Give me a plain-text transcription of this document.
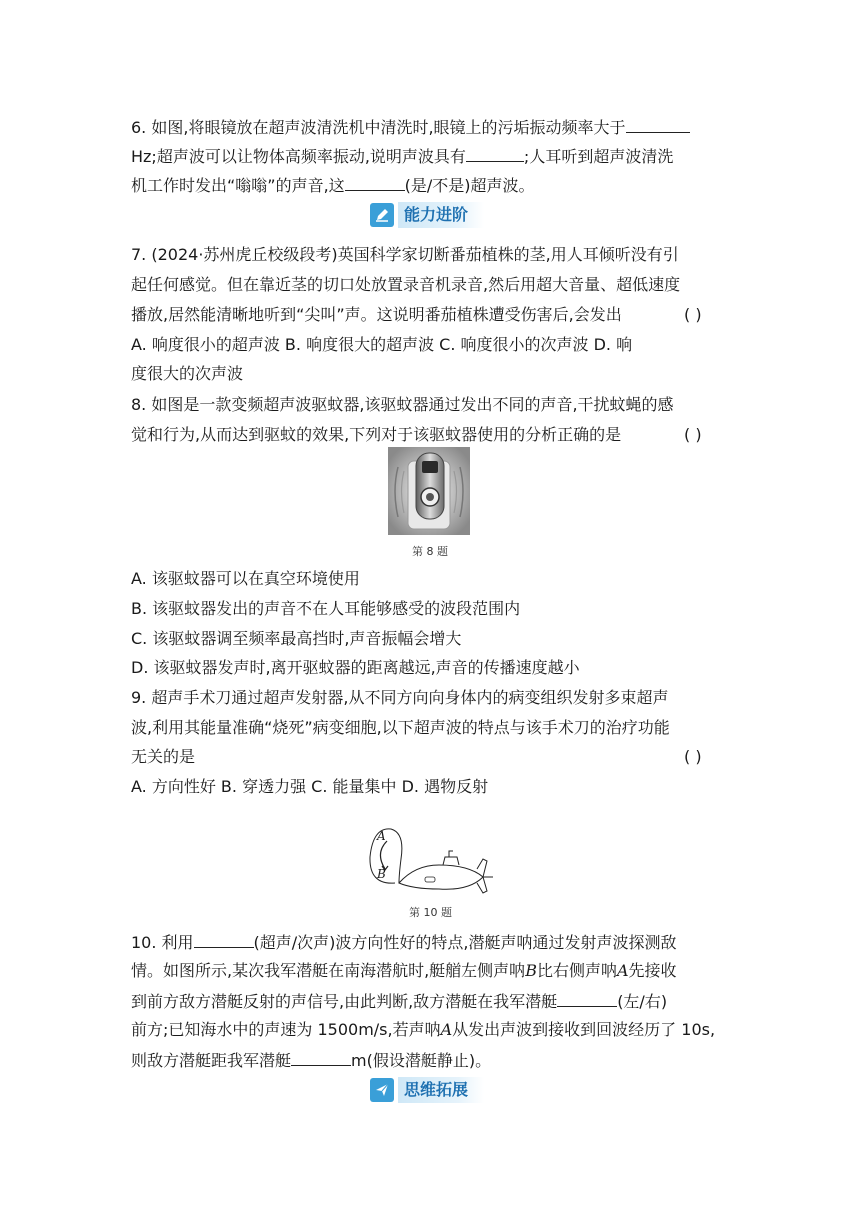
6. 如图,将眼镜放在超声波清洗机中清洗时,眼镜上的污垢振动频率大于
Hz;超声波可以让物体高频率振动,说明声波具有	;人耳听到超声波清洗
机工作时发出“嗡嗡”的声音,这	(是/不是)超声波。
能力进阶
7. (2024·苏州虎丘校级段考)英国科学家切断番茄植株的茎,用人耳倾听没有引
起任何感觉。但在靠近茎的切口处放置录音机录音,然后用超大音量、超低速度
播放,居然能清晰地听到“尖叫”声。这说明番茄植株遭受伤害后,会发出	( )
A. 响度很小的超声波 B. 响度很大的超声波 C. 响度很小的次声波 D. 响
度很大的次声波
8. 如图是一款变频超声波驱蚊器,该驱蚊器通过发出不同的声音,干扰蚊蝇的感
觉和行为,从而达到驱蚊的效果,下列对于该驱蚊器使用的分析正确的是	( )
第 8 题
A. 该驱蚊器可以在真空环境使用
B. 该驱蚊器发出的声音不在人耳能够感受的波段范围内
C. 该驱蚊器调至频率最高挡时,声音振幅会增大
D. 该驱蚊器发声时,离开驱蚊器的距离越远,声音的传播速度越小
9. 超声手术刀通过超声发射器,从不同方向向身体内的病变组织发射多束超声
波,利用其能量准确“烧死”病变细胞,以下超声波的特点与该手术刀的治疗功能
无关的是	( )
A. 方向性好 B. 穿透力强 C. 能量集中 D. 遇物反射
A
B
第 10 题
10. 利用	(超声/次声)波方向性好的特点,潜艇声呐通过发射声波探测敌
情。如图所示,某次我军潜艇在南海潜航时,艇艏左侧声呐B比右侧声呐A先接收
到前方敌方潜艇反射的声信号,由此判断,敌方潜艇在我军潜艇	(左/右)
前方;已知海水中的声速为 1500m/s,若声呐A从发出声波到接收到回波经历了 10s,
则敌方潜艇距我军潜艇	m(假设潜艇静止)。
思维拓展
